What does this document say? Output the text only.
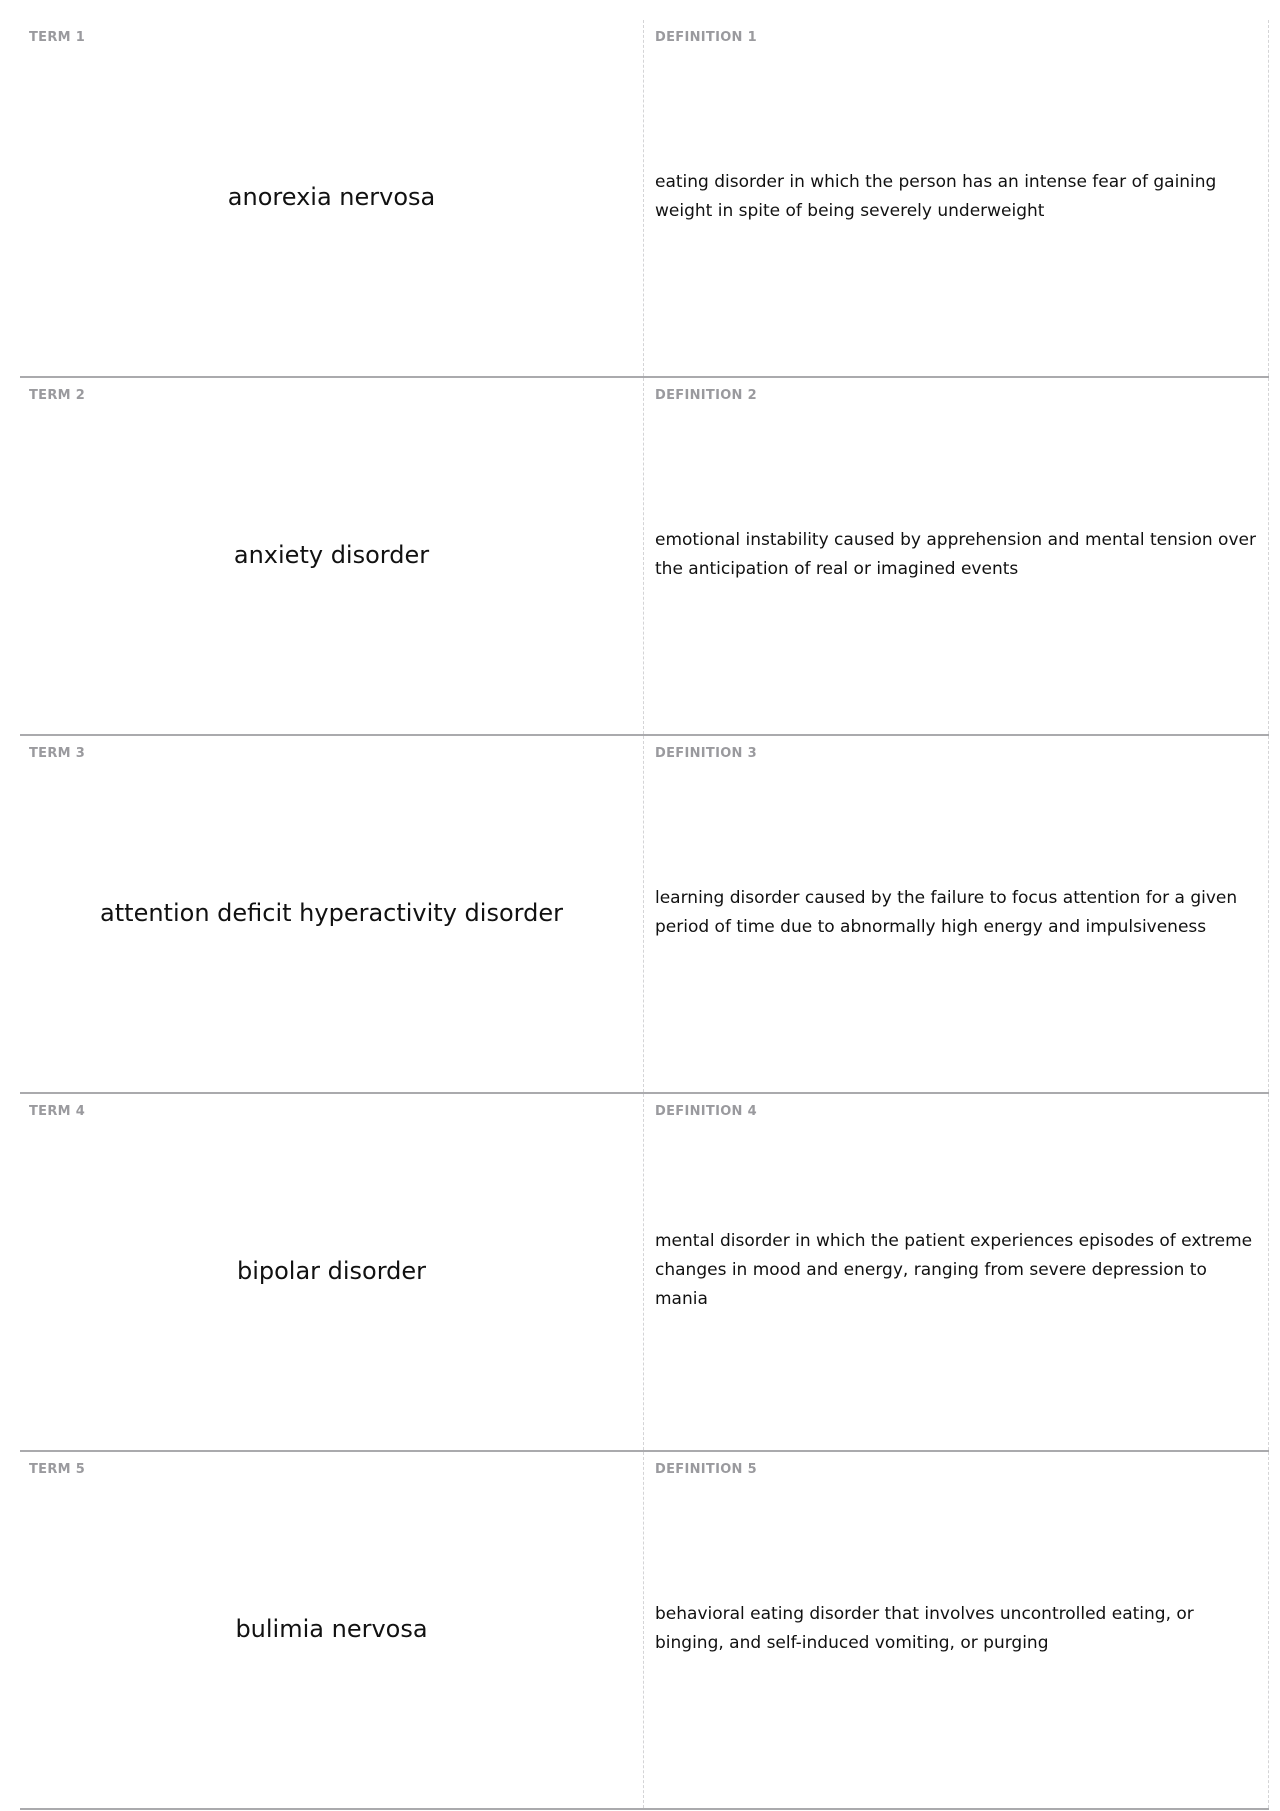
TERM 1
anorexia nervosa
DEFINITION 1
eating disorder in which the person has an intense fear of gaining weight in spite of being severely underweight
TERM 2
anxiety disorder
DEFINITION 2
emotional instability caused by apprehension and mental tension over the anticipation of real or imagined events
TERM 3
attention deficit hyperactivity disorder
DEFINITION 3
learning disorder caused by the failure to focus attention for a given period of time due to abnormally high energy and impulsiveness
TERM 4
bipolar disorder
DEFINITION 4
mental disorder in which the patient experiences episodes of extreme changes in mood and energy, ranging from severe depression to mania
TERM 5
bulimia nervosa
DEFINITION 5
behavioral eating disorder that involves uncontrolled eating, or binging, and self-induced vomiting, or purging
